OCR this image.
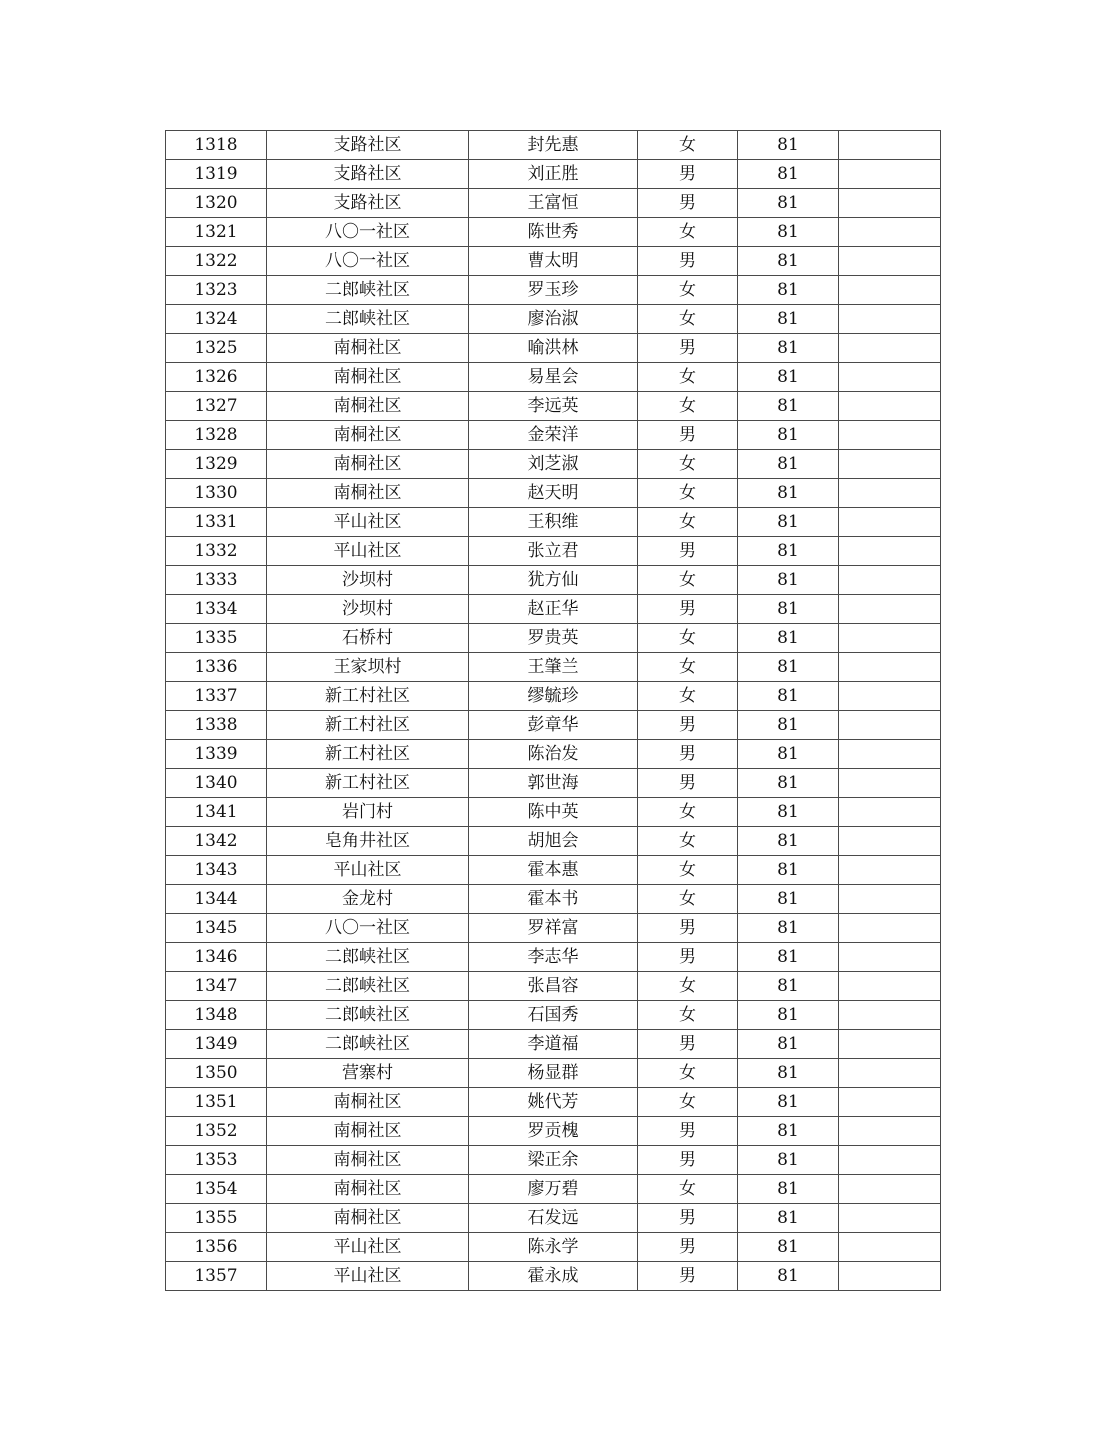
1318	支路社区	封先惠	女	81	
1319	支路社区	刘正胜	男	81	
1320	支路社区	王富恒	男	81	
1321	八〇一社区	陈世秀	女	81	
1322	八〇一社区	曹太明	男	81	
1323	二郎峡社区	罗玉珍	女	81	
1324	二郎峡社区	廖治淑	女	81	
1325	南桐社区	喻洪林	男	81	
1326	南桐社区	易星会	女	81	
1327	南桐社区	李远英	女	81	
1328	南桐社区	金荣洋	男	81	
1329	南桐社区	刘芝淑	女	81	
1330	南桐社区	赵天明	女	81	
1331	平山社区	王积维	女	81	
1332	平山社区	张立君	男	81	
1333	沙坝村	犹方仙	女	81	
1334	沙坝村	赵正华	男	81	
1335	石桥村	罗贵英	女	81	
1336	王家坝村	王肇兰	女	81	
1337	新工村社区	缪毓珍	女	81	
1338	新工村社区	彭章华	男	81	
1339	新工村社区	陈治发	男	81	
1340	新工村社区	郭世海	男	81	
1341	岩门村	陈中英	女	81	
1342	皂角井社区	胡旭会	女	81	
1343	平山社区	霍本惠	女	81	
1344	金龙村	霍本书	女	81	
1345	八〇一社区	罗祥富	男	81	
1346	二郎峡社区	李志华	男	81	
1347	二郎峡社区	张昌容	女	81	
1348	二郎峡社区	石国秀	女	81	
1349	二郎峡社区	李道福	男	81	
1350	营寨村	杨显群	女	81	
1351	南桐社区	姚代芳	女	81	
1352	南桐社区	罗贡槐	男	81	
1353	南桐社区	梁正余	男	81	
1354	南桐社区	廖万碧	女	81	
1355	南桐社区	石发远	男	81	
1356	平山社区	陈永学	男	81	
1357	平山社区	霍永成	男	81	
